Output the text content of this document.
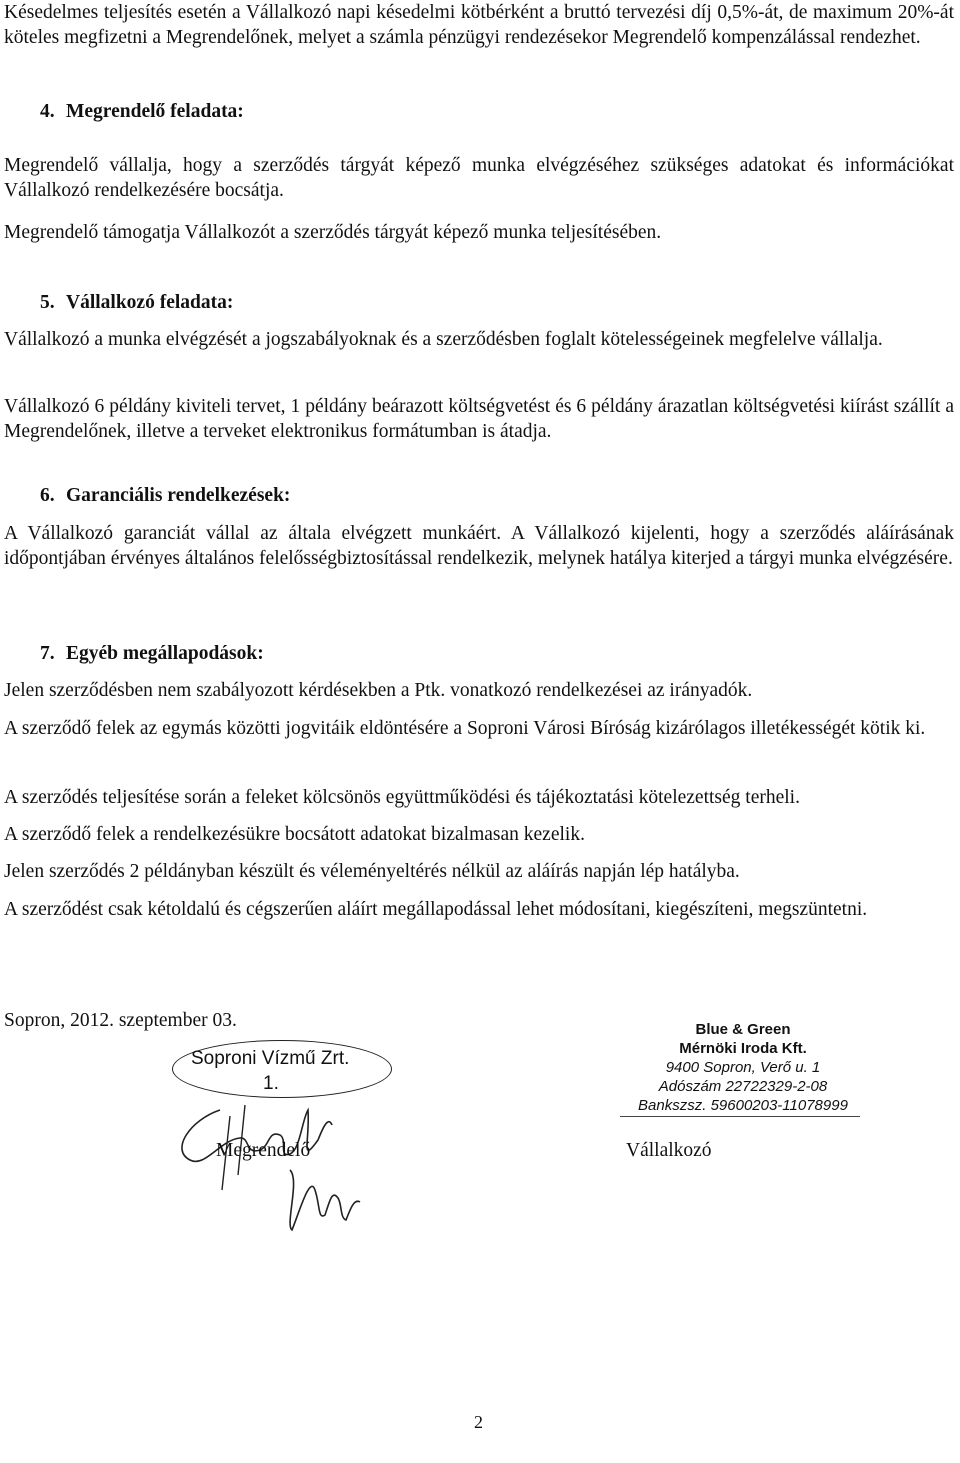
Késedelmes teljesítés esetén a Vállalkozó napi késedelmi kötbérként a bruttó tervezési díj 0,5%-át, de maximum 20%-át köteles megfizetni a Megrendelőnek, melyet a számla pénzügyi rendezésekor Megrendelő kompenzálással rendezhet.

4. Megrendelő feladata:

Megrendelő vállalja, hogy a szerződés tárgyát képező munka elvégzéséhez szükséges adatokat és információkat Vállalkozó rendelkezésére bocsátja.

Megrendelő támogatja Vállalkozót a szerződés tárgyát képező munka teljesítésében.

5. Vállalkozó feladata:

Vállalkozó a munka elvégzését a jogszabályoknak és a szerződésben foglalt kötelességeinek megfelelve vállalja.

Vállalkozó 6 példány kiviteli tervet, 1 példány beárazott költségvetést és 6 példány árazatlan költségvetési kiírást szállít a Megrendelőnek, illetve a terveket elektronikus formátumban is átadja.

6. Garanciális rendelkezések:

A Vállalkozó garanciát vállal az általa elvégzett munkáért. A Vállalkozó kijelenti, hogy a szerződés aláírásának időpontjában érvényes általános felelősségbiztosítással rendelkezik, melynek hatálya kiterjed a tárgyi munka elvégzésére.

7. Egyéb megállapodások:

Jelen szerződésben nem szabályozott kérdésekben a Ptk. vonatkozó rendelkezései az irányadók.

A szerződő felek az egymás közötti jogvitáik eldöntésére a Soproni Városi Bíróság kizárólagos illetékességét kötik ki.

A szerződés teljesítése során a feleket kölcsönös együttműködési és tájékoztatási kötelezettség terheli.

A szerződő felek a rendelkezésükre bocsátott adatokat bizalmasan kezelik.

Jelen szerződés 2 példányban készült és véleményeltérés nélkül az aláírás napján lép hatályba.

A szerződést csak kétoldalú és cégszerűen aláírt megállapodással lehet módosítani, kiegészíteni, megszüntetni.

Sopron, 2012. szeptember 03.
Soproni Vízmű Zrt.
1.
Megrendelő
Blue & Green
Mérnöki Iroda Kft.
9400 Sopron, Verő u. 1
Adószám 22722329-2-08
Bankszsz. 59600203-11078999
Vállalkozó
2
